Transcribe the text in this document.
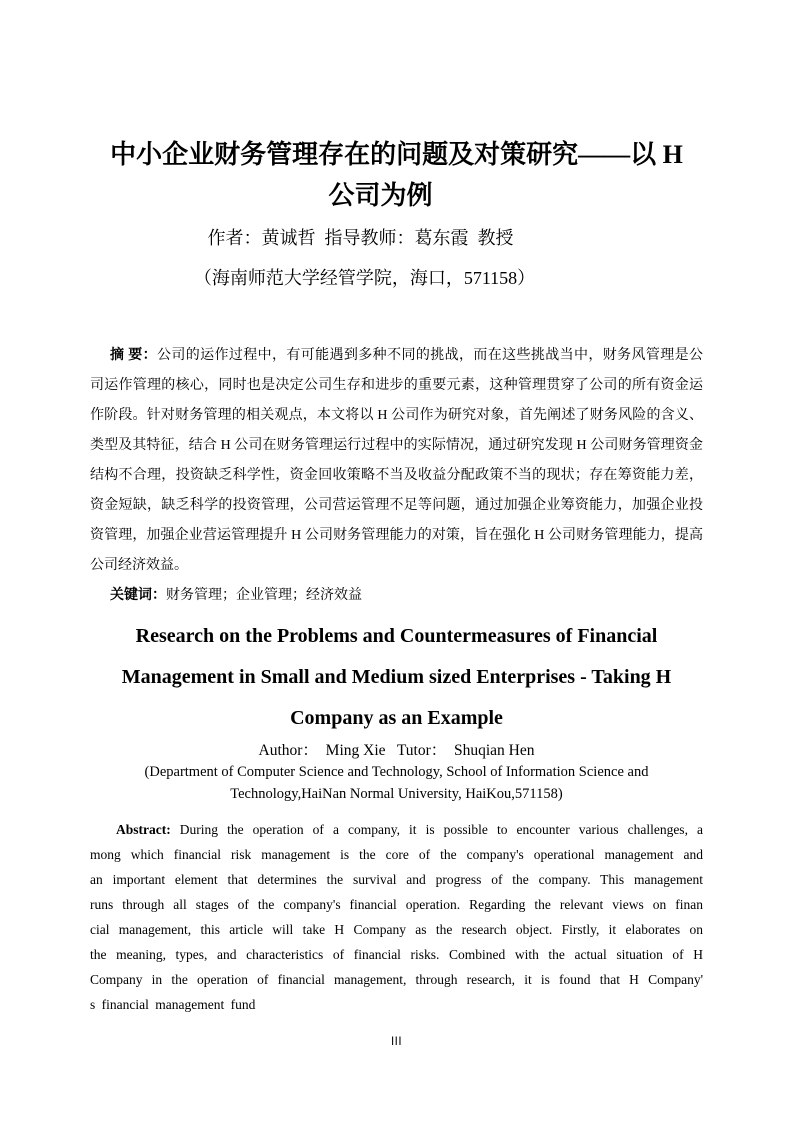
中小企业财务管理存在的问题及对策研究——以 H
公司为例
作者：黄诚哲  指导教师：葛东霞  教授
（海南师范大学经管学院，海口，571158）
摘 要：公司的运作过程中，有可能遇到多种不同的挑战，而在这些挑战当中，财务风管理是公
司运作管理的核心，同时也是决定公司生存和进步的重要元素，这种管理贯穿了公司的所有资金运
作阶段。针对财务管理的相关观点，本文将以 H 公司作为研究对象，首先阐述了财务风险的含义、
类型及其特征，结合 H 公司在财务管理运行过程中的实际情况，通过研究发现 H 公司财务管理资金
结构不合理，投资缺乏科学性，资金回收策略不当及收益分配政策不当的现状；存在筹资能力差，
资金短缺，缺乏科学的投资管理，公司营运管理不足等问题，通过加强企业筹资能力，加强企业投
资管理，加强企业营运管理提升 H 公司财务管理能力的对策，旨在强化 H 公司财务管理能力，提高
公司经济效益。
关键词：财务管理；企业管理；经济效益
Research on the Problems and Countermeasures of Financial
Management in Small and Medium sized Enterprises - Taking H
Company as an Example
Author：  Ming Xie   Tutor：  Shuqian Hen
(Department of Computer Science and Technology, School of Information Science and
Technology,HaiNan Normal University, HaiKou,571158)
Abstract: During the operation of a company, it is possible to encounter various challenges, a
mong which financial risk management is the core of the company's operational management and
an important element that determines the survival and progress of the company. This management
runs through all stages of the company's financial operation. Regarding the relevant views on finan
cial management, this article will take H Company as the research object. Firstly, it elaborates on
the meaning, types, and characteristics of financial risks. Combined with the actual situation of H
Company in the operation of financial management, through research, it is found that H Company'
s financial management fund
III
